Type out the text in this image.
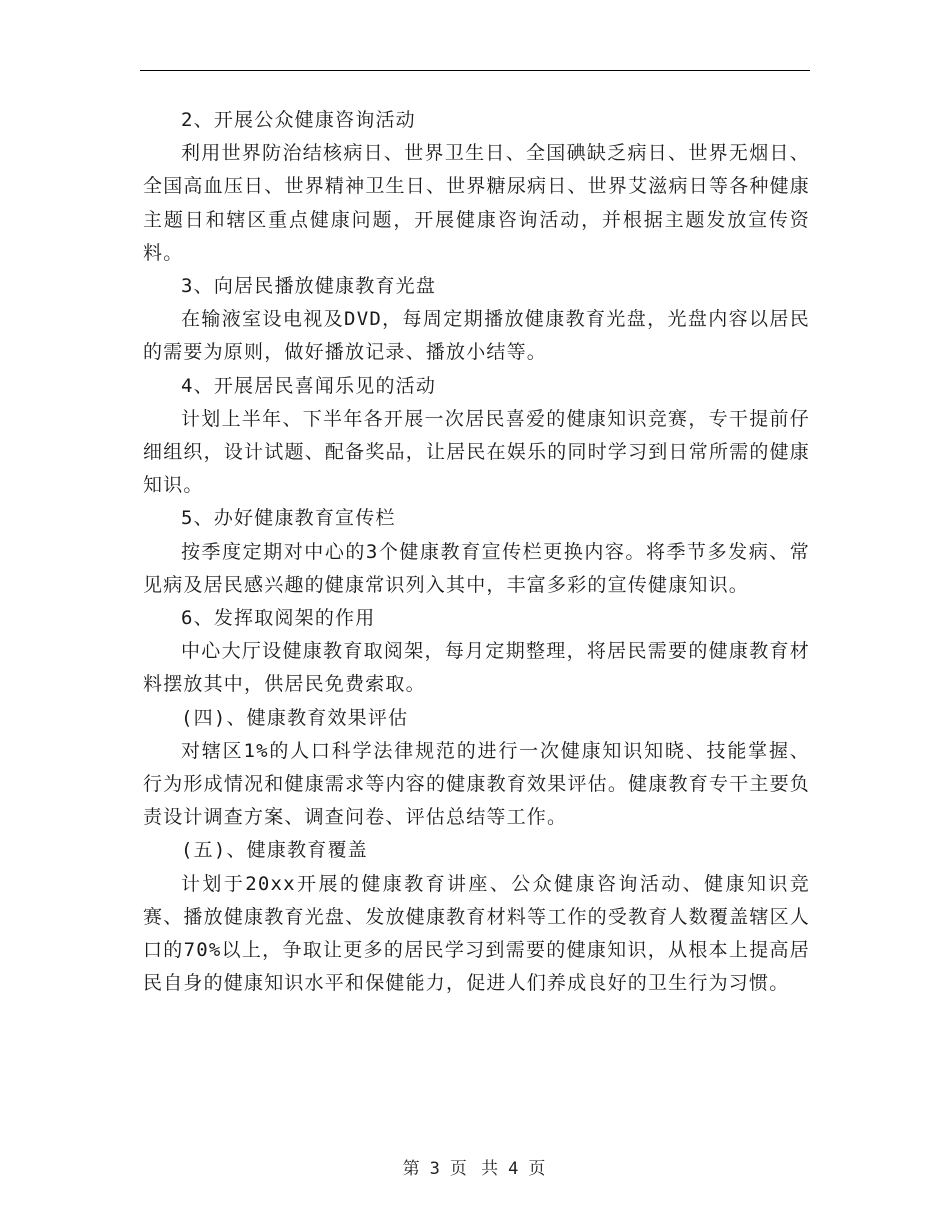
2、开展公众健康咨询活动

利用世界防治结核病日、世界卫生日、全国碘缺乏病日、世界无烟日、全国高血压日、世界精神卫生日、世界糖尿病日、世界艾滋病日等各种健康主题日和辖区重点健康问题，开展健康咨询活动，并根据主题发放宣传资料。

3、向居民播放健康教育光盘

在输液室设电视及DVD，每周定期播放健康教育光盘，光盘内容以居民的需要为原则，做好播放记录、播放小结等。

4、开展居民喜闻乐见的活动

计划上半年、下半年各开展一次居民喜爱的健康知识竞赛，专干提前仔细组织，设计试题、配备奖品，让居民在娱乐的同时学习到日常所需的健康知识。

5、办好健康教育宣传栏

按季度定期对中心的3个健康教育宣传栏更换内容。将季节多发病、常见病及居民感兴趣的健康常识列入其中，丰富多彩的宣传健康知识。

6、发挥取阅架的作用

中心大厅设健康教育取阅架，每月定期整理，将居民需要的健康教育材料摆放其中，供居民免费索取。

(四)、健康教育效果评估

对辖区1%的人口科学法律规范的进行一次健康知识知晓、技能掌握、行为形成情况和健康需求等内容的健康教育效果评估。健康教育专干主要负责设计调查方案、调查问卷、评估总结等工作。

(五)、健康教育覆盖

计划于20xx开展的健康教育讲座、公众健康咨询活动、健康知识竞赛、播放健康教育光盘、发放健康教育材料等工作的受教育人数覆盖辖区人口的70%以上，争取让更多的居民学习到需要的健康知识，从根本上提高居民自身的健康知识水平和保健能力，促进人们养成良好的卫生行为习惯。

第 3 页 共 4 页
